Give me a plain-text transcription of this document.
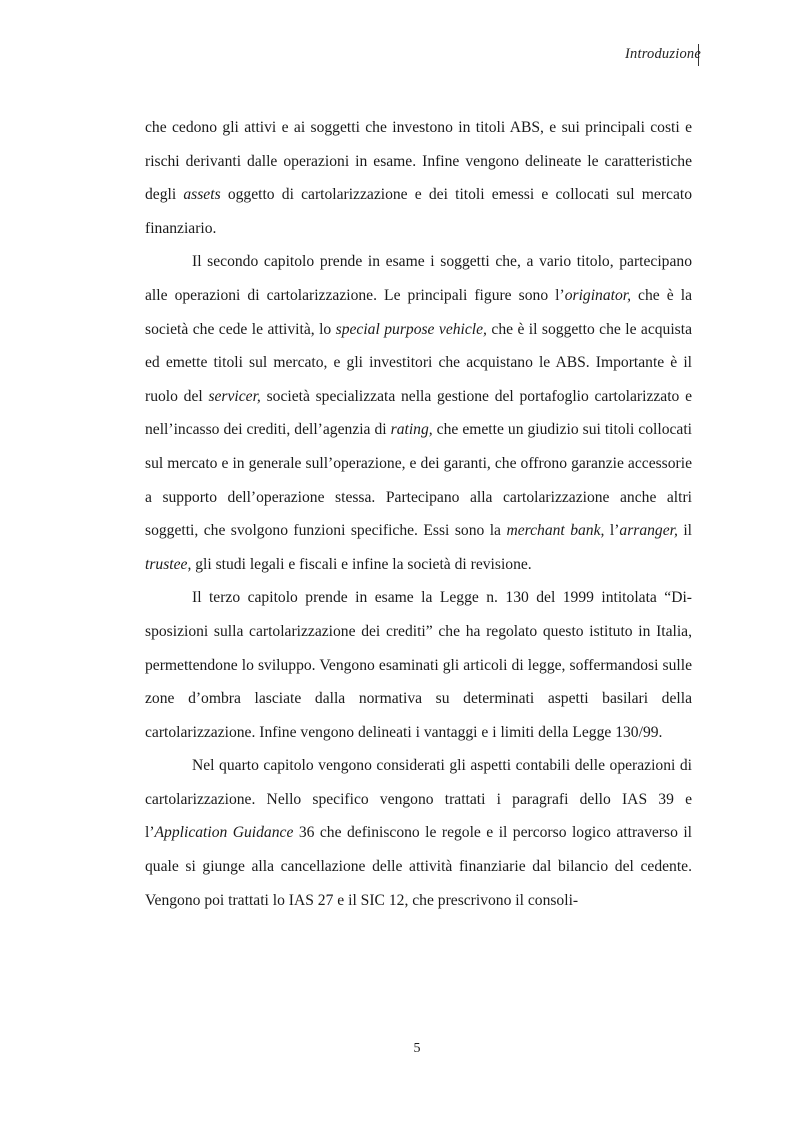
Introduzione

che cedono gli attivi e ai soggetti che investono in titoli ABS, e sui principali costi e rischi derivanti dalle operazioni in esame. Infine vengono delineate le caratteristiche degli assets oggetto di cartolarizzazione e dei titoli emessi e collocati sul mercato finanziario.

Il secondo capitolo prende in esame i soggetti che, a vario titolo, partecipano alle operazioni di cartolarizzazione. Le principali figure sono l’originator, che è la società che cede le attività, lo special purpose vehicle, che è il soggetto che le acquista ed emette titoli sul mercato, e gli investitori che acquistano le ABS. Importante è il ruolo del servicer, società specializzata nella gestione del portafoglio cartolarizzato e nell’incasso dei crediti, dell’agenzia di rating, che emette un giudizio sui titoli collocati sul mercato e in generale sull’operazione, e dei garanti, che offrono garanzie accessorie a supporto dell’operazione stessa. Partecipano alla cartolarizzazione anche altri soggetti, che svolgono funzioni specifiche. Essi sono la merchant bank, l’arranger, il trustee, gli studi legali e fiscali e infine la società di revisione.

Il terzo capitolo prende in esame la Legge n. 130 del 1999 intitolata “Disposizioni sulla cartolarizzazione dei crediti” che ha regolato questo istituto in Italia, permettendone lo sviluppo. Vengono esaminati gli articoli di legge, soffermandosi sulle zone d’ombra lasciate dalla normativa su determinati aspetti basilari della cartolarizzazione. Infine vengono delineati i vantaggi e i limiti della Legge 130/99.

Nel quarto capitolo vengono considerati gli aspetti contabili delle operazioni di cartolarizzazione. Nello specifico vengono trattati i paragrafi dello IAS 39 e l’Application Guidance 36 che definiscono le regole e il percorso logico attraverso il quale si giunge alla cancellazione delle attività finanziarie dal bilancio del cedente. Vengono poi trattati lo IAS 27 e il SIC 12, che prescrivono il consoli-

5
